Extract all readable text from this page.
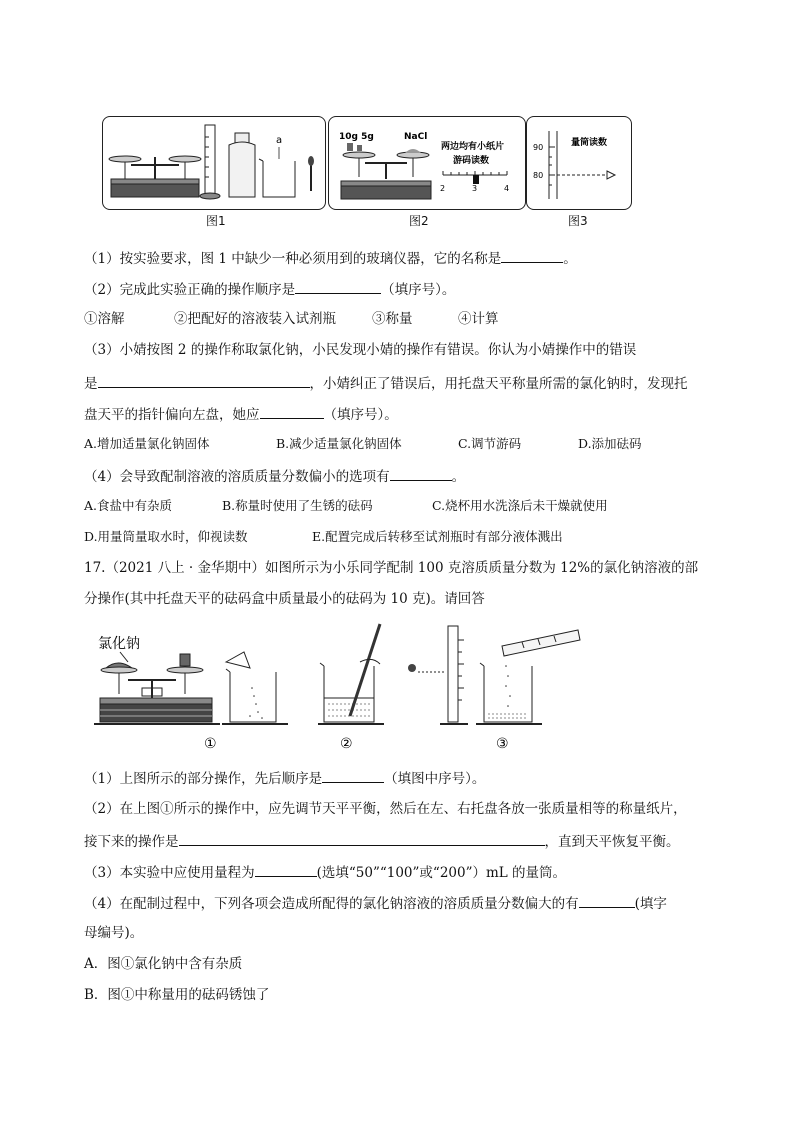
a
图1
10g 5g	NaCl
两边均有小纸片
游码读数
2	3	4
图2
90
80
量筒读数
图3
（1）按实验要求，图 1 中缺少一种必须用到的玻璃仪器，它的名称是	。
（2）完成此实验正确的操作顺序是	（填序号）。
①溶解	②把配好的溶液装入试剂瓶	③称量	④计算
（3）小婧按图 2 的操作称取氯化钠，小民发现小婧的操作有错误。你认为小婧操作中的错误
是	，小婧纠正了错误后，用托盘天平称量所需的氯化钠时，发现托
盘天平的指针偏向左盘，她应	（填序号）。
A.增加适量氯化钠固体	B.减少适量氯化钠固体	C.调节游码	D.添加砝码
（4）会导致配制溶液的溶质质量分数偏小的选项有	。
A.食盐中有杂质	B.称量时使用了生锈的砝码	C.烧杯用水洗涤后未干燥就使用
D.用量筒量取水时，仰视读数	E.配置完成后转移至试剂瓶时有部分液体溅出
17.（2021 八上 · 金华期中）如图所示为小乐同学配制 100 克溶质质量分数为 12%的氯化钠溶液的部
分操作(其中托盘天平的砝码盒中质量最小的砝码为 10 克)。请回答
氯化钠
①	②	③
（1）上图所示的部分操作，先后顺序是	（填图中序号）。
（2）在上图①所示的操作中，应先调节天平平衡，然后在左、右托盘各放一张质量相等的称量纸片，
接下来的操作是	，直到天平恢复平衡。
（3）本实验中应使用量程为	(选填“50”“100”或“200”）mL 的量筒。
（4）在配制过程中，下列各项会造成所配得的氯化钠溶液的溶质质量分数偏大的有	(填字
母编号)。
A．图①氯化钠中含有杂质
B．图①中称量用的砝码锈蚀了
